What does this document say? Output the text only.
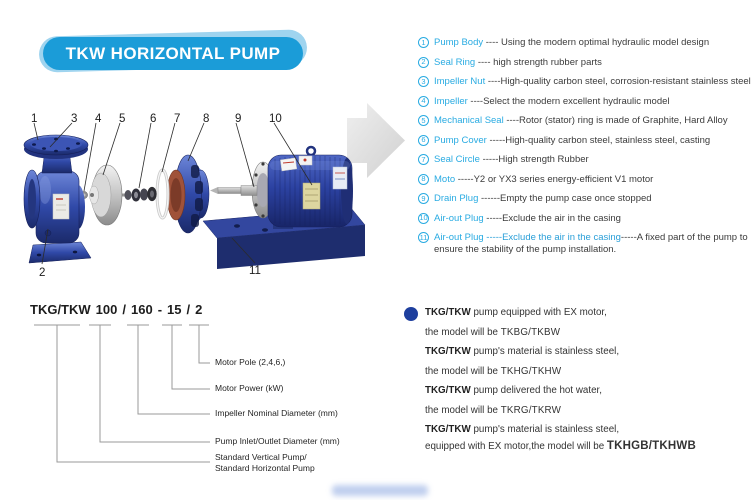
TKW HORIZONTAL PUMP
1	3 4 5 6 7 8 9 10
2	11
1 Pump Body ---- Using the modern optimal hydraulic model design
2 Seal Ring ---- high strength rubber parts
3 Impeller Nut ----High-quality carbon steel, corrosion-resistant stainless steel
4 Impeller ----Select the modern excellent hydraulic model
5 Mechanical Seal ----Rotor (stator) ring is made of Graphite, Hard Alloy
6 Pump Cover -----High-quality carbon steel, stainless steel, casting
7 Seal Circle -----High strength Rubber
8 Moto -----Y2 or YX3 series energy-efficient V1 motor
9 Drain Plug ------Empty the pump case once stopped
10 Air-out Plug -----Exclude the air in the casing
11 Air-out Plug -----Exclude the air in the casing-----A fixed part of the pump to ensure the stability of the pump installation.
TKG/TKW 100 / 160 - 15 / 2
Motor Pole (2,4,6,)
Motor Power (kW)
Impeller Nominal Diameter (mm)
Pump Inlet/Outlet Diameter (mm)
Standard Vertical Pump/
Standard Horizontal Pump
TKG/TKW pump equipped with EX motor,
the model will be TKBG/TKBW
TKG/TKW pump's material is stainless steel,
the model will be TKHG/TKHW
TKG/TKW pump delivered the hot water,
the model will be TKRG/TKRW
TKG/TKW pump's material is stainless steel,
equipped with EX motor,the model will be TKHGB/TKHWB
